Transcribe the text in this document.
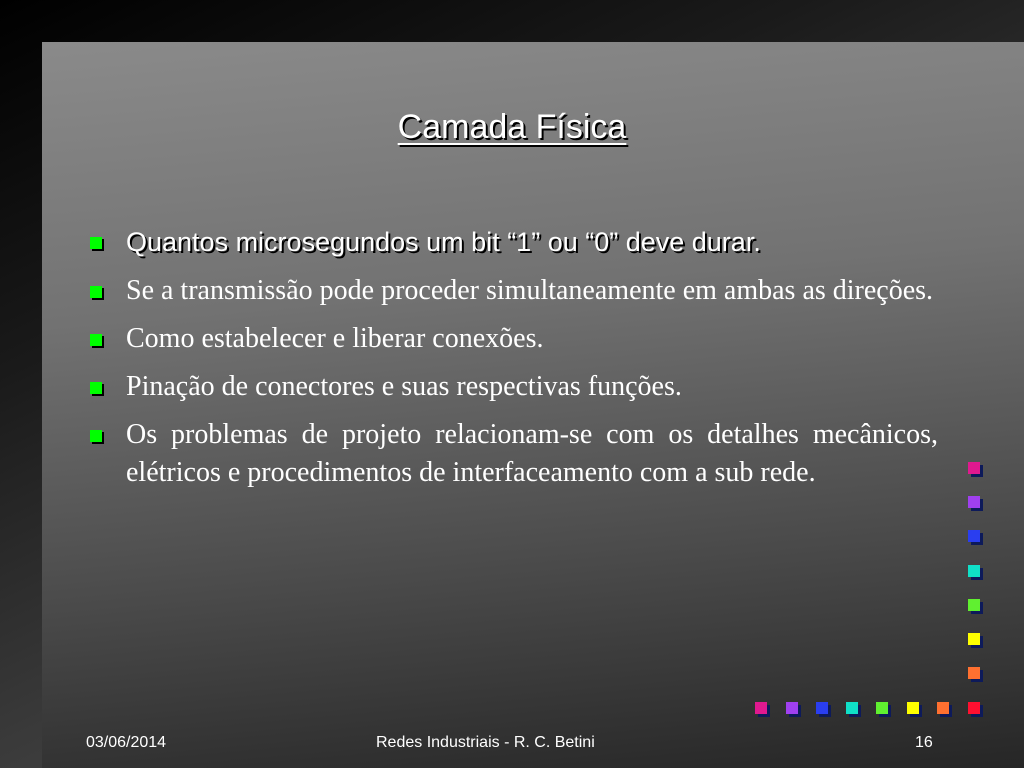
Camada Física
Quantos microsegundos um bit “1” ou “0” deve durar.
Se a transmissão pode proceder simultaneamente em ambas as direções.
Como estabelecer e liberar conexões.
Pinação de conectores e suas respectivas funções.
Os problemas de projeto relacionam-se com os detalhes mecânicos, elétricos e procedimentos de interfaceamento com a sub rede.
03/06/2014	Redes Industriais - R. C. Betini	16
